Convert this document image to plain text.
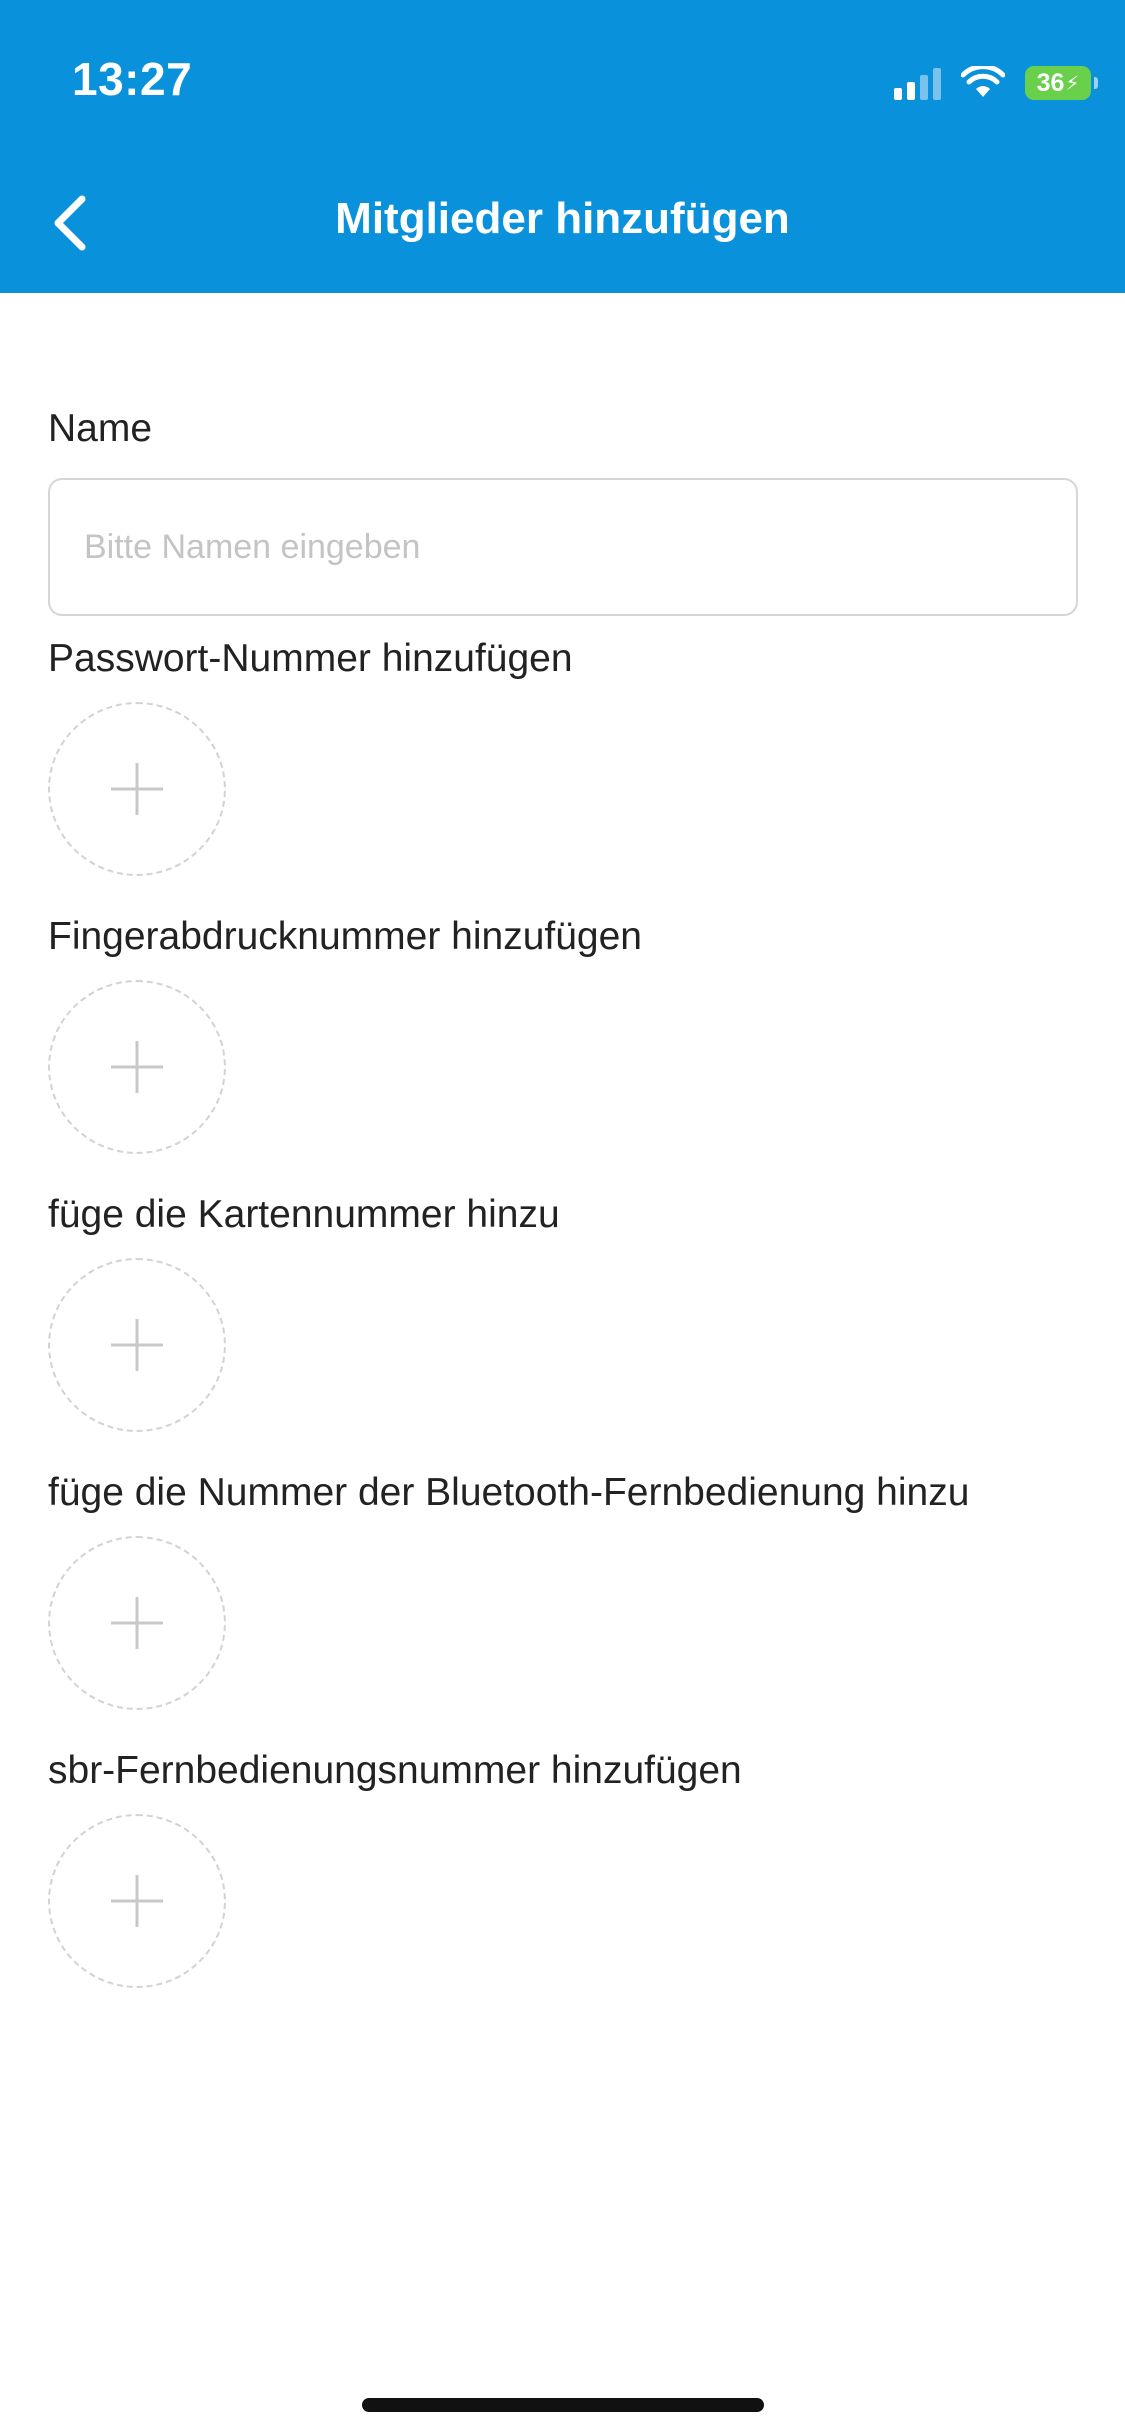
13:27	36 ⚡
Mitglieder hinzufügen
Name
Bitte Namen eingeben
Passwort-Nummer hinzufügen
Fingerabdrucknummer hinzufügen
füge die Kartennummer hinzu
füge die Nummer der Bluetooth-Fernbedienung hinzu
sbr-Fernbedienungsnummer hinzufügen
